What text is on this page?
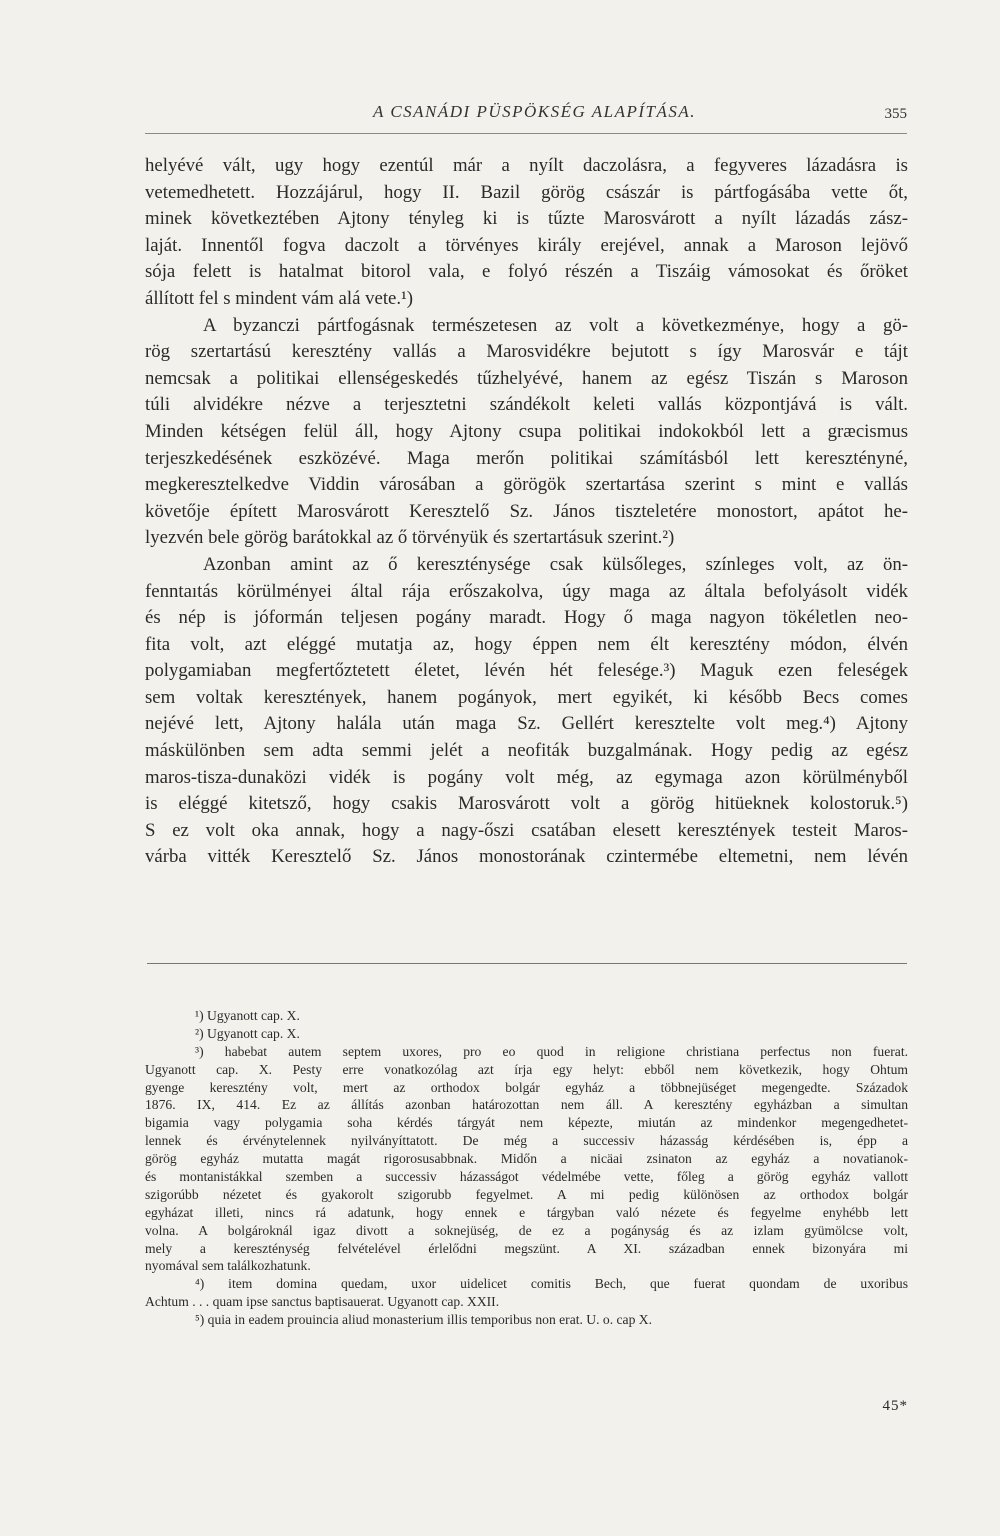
A CSANÁDI PÜSPÖKSÉG ALAPÍTÁSA.	355
helyévé vált, ugy hogy ezentúl már a nyílt daczolásra, a fegyveres lázadásra is
vetemedhetett. Hozzájárul, hogy II. Bazil görög császár is pártfogásába vette őt,
minek következtében Ajtony tényleg ki is tűzte Marosvárott a nyílt lázadás zász-
laját. Innentől fogva daczolt a törvényes király erejével, annak a Maroson lejövő
sója felett is hatalmat bitorol vala, e folyó részén a Tiszáig vámosokat és őröket
állított fel s mindent vám alá vete.¹)
A byzanczi pártfogásnak természetesen az volt a következménye, hogy a gö-
rög szertartású keresztény vallás a Marosvidékre bejutott s így Marosvár e tájt
nemcsak a politikai ellenségeskedés tűzhelyévé, hanem az egész Tiszán s Maroson
túli alvidékre nézve a terjesztetni szándékolt keleti vallás központjává is vált.
Minden kétségen felül áll, hogy Ajtony csupa politikai indokokból lett a græcismus
terjeszkedésének eszközévé. Maga merőn politikai számításból lett keresztényné,
megkeresztelkedve Viddin városában a görögök szertartása szerint s mint e vallás
követője épített Marosvárott Keresztelő Sz. János tiszteletére monostort, apátot he-
lyezvén bele görög barátokkal az ő törvényük és szertartásuk szerint.²)
Azonban amint az ő kereszténysége csak külsőleges, színleges volt, az ön-
fenntaıtás körülményei által rája erőszakolva, úgy maga az általa befolyásolt vidék
és nép is jóformán teljesen pogány maradt. Hogy ő maga nagyon tökéletlen neo-
fita volt, azt eléggé mutatja az, hogy éppen nem élt keresztény módon, élvén
polygamiaban megfertőztetett életet, lévén hét felesége.³) Maguk ezen feleségek
sem voltak keresztények, hanem pogányok, mert egyikét, ki később Becs comes
nejévé lett, Ajtony halála után maga Sz. Gellért keresztelte volt meg.⁴) Ajtony
máskülönben sem adta semmi jelét a neofiták buzgalmának. Hogy pedig az egész
maros-tisza-dunaközi vidék is pogány volt még, az egymaga azon körülményből
is eléggé kitetsző, hogy csakis Marosvárott volt a görög hitüeknek kolostoruk.⁵)
S ez volt oka annak, hogy a nagy-őszi csatában elesett keresztények testeit Maros-
várba vitték Keresztelő Sz. János monostorának czintermébe eltemetni, nem lévén
¹) Ugyanott cap. X.
²) Ugyanott cap. X.
³) habebat autem septem uxores, pro eo quod in religione christiana perfectus non fuerat.
Ugyanott cap. X. Pesty erre vonatkozólag azt írja egy helyt: ebből nem következik, hogy Ohtum
gyenge keresztény volt, mert az orthodox bolgár egyház a többnejüséget megengedte. Századok
1876. IX, 414. Ez az állítás azonban határozottan nem áll. A keresztény egyházban a simultan
bigamia vagy polygamia soha kérdés tárgyát nem képezte, miután az mindenkor megengedhetet-
lennek és érvénytelennek nyilványíttatott. De még a successiv házasság kérdésében is, épp a
görög egyház mutatta magát rigorosusabbnak. Midőn a nicäai zsinaton az egyház a novatianok-
és montanistákkal szemben a successiv házasságot védelmébe vette, főleg a görög egyház vallott
szigorúbb nézetet és gyakorolt szigorubb fegyelmet. A mi pedig különösen az orthodox bolgár
egyházat illeti, nincs rá adatunk, hogy ennek e tárgyban való nézete és fegyelme enyhébb lett
volna. A bolgároknál igaz divott a soknejüség, de ez a pogányság és az izlam gyümölcse volt,
mely a kereszténység felvételével érlelődni megszünt. A XI. században ennek bizonyára mi
nyomával sem találkozhatunk.
⁴) item domina quedam, uxor uidelicet comitis Bech, que fuerat quondam de uxoribus
Achtum . . . quam ipse sanctus baptisauerat. Ugyanott cap. XXII.
⁵) quia in eadem prouincia aliud monasterium illis temporibus non erat. U. o. cap X.
45*
